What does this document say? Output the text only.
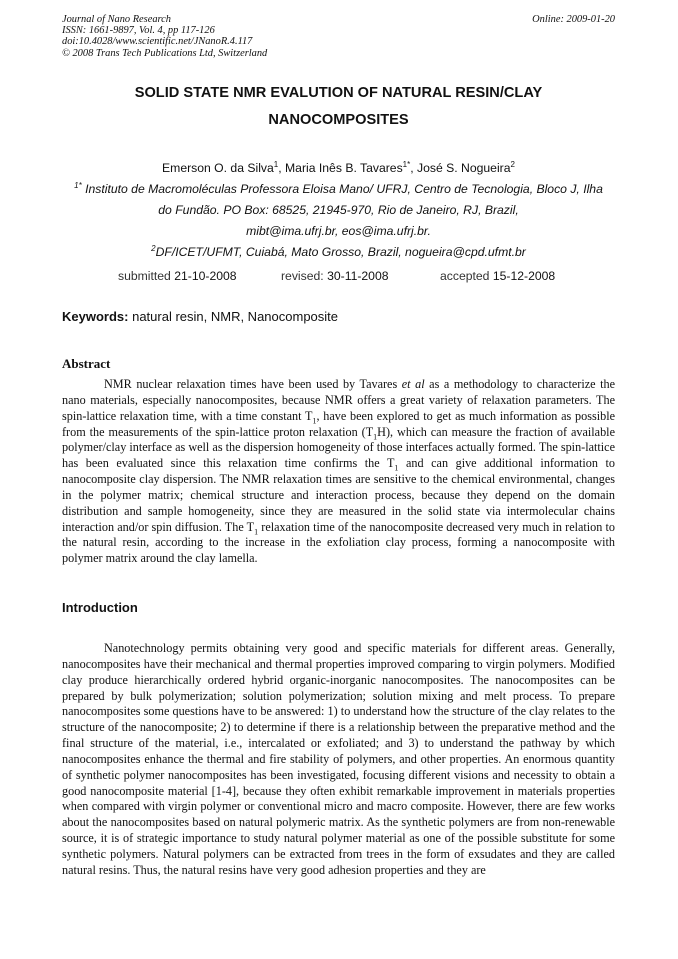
Journal of Nano Research
ISSN: 1661-9897, Vol. 4, pp 117-126
doi:10.4028/www.scientific.net/JNanoR.4.117
© 2008 Trans Tech Publications Ltd, Switzerland
Online: 2009-01-20
SOLID STATE NMR EVALUTION OF NATURAL RESIN/CLAY
NANOCOMPOSITES
Emerson O. da Silva$^1$, Maria Inês B. Tavares$^{1*}$, José S. Nogueira$^2$
$^{1*}$ Instituto de Macromoléculas Professora Eloisa Mano/ UFRJ, Centro de Tecnologia, Bloco J, Ilha
do Fundão. PO Box: 68525, 21945-970, Rio de Janeiro, RJ, Brazil,
mibt@ima.ufrj.br, eos@ima.ufrj.br.
$^2$DF/ICET/UFMT, Cuiabá, Mato Grosso, Brazil, nogueira@cpd.ufmt.br
submitted 21-10-2008	revised: 30-11-2008	accepted 15-12-2008
Keywords: natural resin, NMR, Nanocomposite
Abstract

NMR nuclear relaxation times have been used by Tavares et al as a methodology to characterize the nano materials, especially nanocomposites, because NMR offers a great variety of relaxation parameters. The spin-lattice relaxation time, with a time constant $T_1$, have been explored to get as much information as possible from the measurements of the spin-lattice proton relaxation $(T_1H)$, which can measure the fraction of available polymer/clay interface as well as the dispersion homogeneity of those interfaces actually formed. The spin-lattice has been evaluated since this relaxation time confirms the $T_1$ and can give additional information to nanocomposite clay dispersion. The NMR relaxation times are sensitive to the chemical environmental, changes in the polymer matrix; chemical structure and interaction process, because they depend on the domain distribution and sample homogeneity, since they are measured in the solid state via intermolecular chains interaction and/or spin diffusion. The $T_1$ relaxation time of the nanocomposite decreased very much in relation to the natural resin, according to the increase in the exfoliation clay process, forming a nanocomposite with polymer matrix around the clay lamella.

Introduction

Nanotechnology permits obtaining very good and specific materials for different areas. Generally, nanocomposites have their mechanical and thermal properties improved comparing to virgin polymers. Modified clay produce hierarchically ordered hybrid organic-inorganic nanocomposites. The nanocomposites can be prepared by bulk polymerization; solution polymerization; solution mixing and melt process. To prepare nanocomposites some questions have to be answered: 1) to understand how the structure of the clay relates to the structure of the nanocomposite; 2) to determine if there is a relationship between the preparative method and the final structure of the material, i.e., intercalated or exfoliated; and 3) to understand the pathway by which nanocomposites enhance the thermal and fire stability of polymers, and other properties. An enormous quantity of synthetic polymer nanocomposites has been investigated, focusing different visions and necessity to obtain a good nanocomposite material [1-4], because they often exhibit remarkable improvement in materials properties when compared with virgin polymer or conventional micro and macro composite. However, there are few works about the nanocomposites based on natural polymeric matrix. As the synthetic polymers are from non-renewable source, it is of strategic importance to study natural polymer material as one of the possible substitute for some synthetic polymers. Natural polymers can be extracted from trees in the form of exsudates and they are called natural resins. Thus, the natural resins have very good adhesion properties and they are
